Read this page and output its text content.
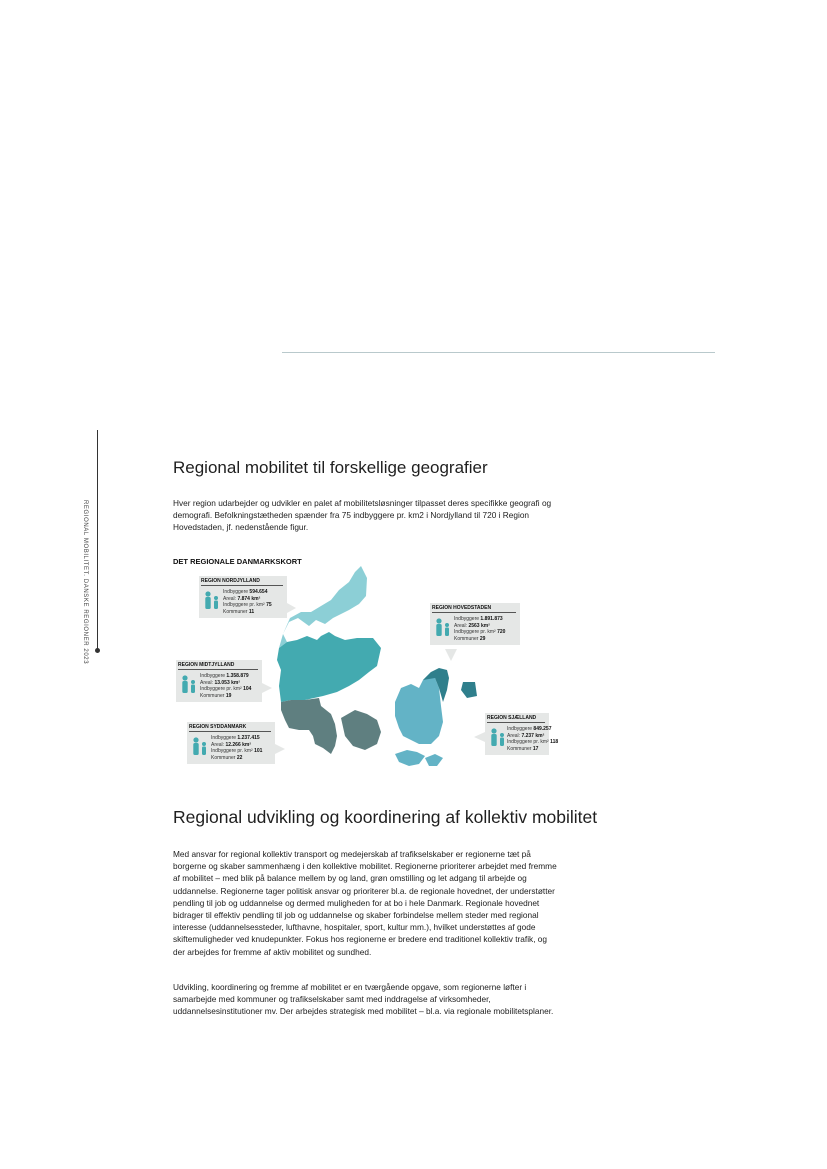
REGIONAL MOBILITET. DANSKE REGIONER 2023
Regional mobilitet til forskellige geografier

Hver region udarbejder og udvikler en palet af mobilitetsløsninger tilpasset deres specifikke geografi og demografi. Befolkningstætheden spænder fra 75 indbyggere pr. km2 i Nordjylland til 720 i Region Hovedstaden, jf. nedenstående figur.

DET REGIONALE DANMARKSKORT
REGION NORDJYLLAND
Indbyggere 594.654
Areal: 7.874 km²
Indbyggere pr. km² 75
Kommuner 11
REGION HOVEDSTADEN
Indbyggere 1.891.873
Areal: 2563 km²
Indbyggere pr. km² 720
Kommuner 29
REGION MIDTJYLLAND
Indbyggere 1.358.879
Areal: 13.053 km²
Indbyggere pr. km² 104
Kommuner 19
REGION SYDDANMARK
Indbyggere 1.237.415
Areal: 12.266 km²
Indbyggere pr. km² 101
Kommuner 22
REGION SJÆLLAND
Indbyggere 849.257
Areal: 7.237 km²
Indbyggere pr. km² 118
Kommuner 17
Regional udvikling og koordinering af kollektiv mobilitet

Med ansvar for regional kollektiv transport og medejerskab af trafikselskaber er regionerne tæt på borgerne og skaber sammenhæng i den kollektive mobilitet. Regionerne prioriterer arbejdet med fremme af mobilitet – med blik på balance mellem by og land, grøn omstilling og let adgang til arbejde og uddannelse. Regionerne tager politisk ansvar og prioriterer bl.a. de regionale hovednet, der understøtter pendling til job og uddannelse og dermed muligheden for at bo i hele Danmark. Regionale hovednet bidrager til effektiv pendling til job og uddannelse og skaber forbindelse mellem steder med regional interesse (uddannelsessteder, lufthavne, hospitaler, sport, kultur mm.), hvilket understøttes af gode skiftemuligheder ved knudepunkter. Fokus hos regionerne er bredere end traditionel kollektiv trafik, og der arbejdes for fremme af aktiv mobilitet og sundhed.

Udvikling, koordinering og fremme af mobilitet er en tværgående opgave, som regionerne løfter i samarbejde med kommuner og trafikselskaber samt med inddragelse af virksomheder, uddannelsesinstitutioner mv. Der arbejdes strategisk med mobilitet – bl.a. via regionale mobilitetsplaner.
